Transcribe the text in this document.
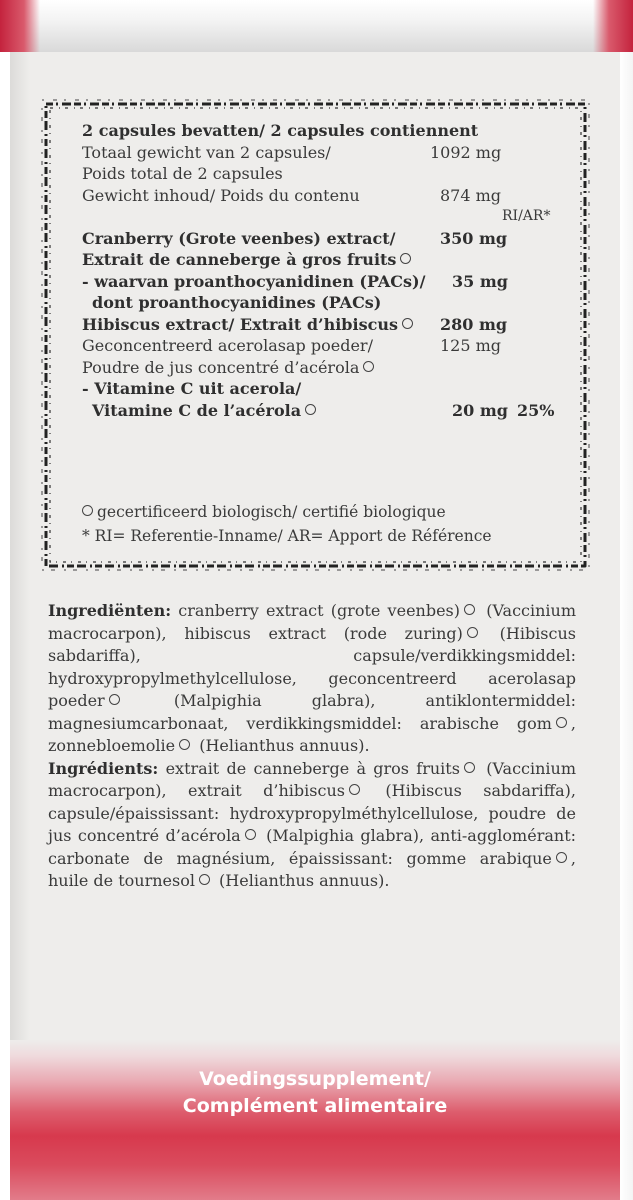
2 capsules bevatten/ 2 capsules contiennent
Totaal gewicht van 2 capsules/	1092 mg
Poids total de 2 capsules
Gewicht inhoud/ Poids du contenu	874 mg
RI/AR*
Cranberry (Grote veenbes) extract/	350 mg
Extrait de canneberge à gros fruits
- waarvan proanthocyanidinen (PACs)/ 35 mg
dont proanthocyanidines (PACs)
Hibiscus extract/ Extrait d’hibiscus	280 mg
Geconcentreerd acerolasap poeder/	125 mg
Poudre de jus concentré d’acérola
- Vitamine C uit acerola/
Vitamine C de l’acérola	20 mg 25%
gecertificeerd biologisch/ certifié biologique
* RI= Referentie-Inname/ AR= Apport de Référence

Ingrediënten: cranberry extract (grote veenbes) (Vaccinium macrocarpon), hibiscus extract (rode zuring) (Hibiscus sabdariffa), capsule/verdikkingsmiddel: hydroxypropylmethylcellulose, geconcentreerd acerolasap poeder (Malpighia glabra), antiklontermiddel: magnesiumcarbonaat, verdikkingsmiddel: arabische gom , zonnebloemolie (Helianthus annuus).

Ingrédients: extrait de canneberge à gros fruits (Vaccinium macrocarpon), extrait d’hibiscus (Hibiscus sabdariffa), capsule/épaississant: hydroxypropylméthylcellulose, poudre de jus concentré d’acérola (Malpighia glabra), anti-agglomérant: carbonate de magnésium, épaississant: gomme arabique , huile de tournesol (Helianthus annuus).

Voedingssupplement/
Complément alimentaire
